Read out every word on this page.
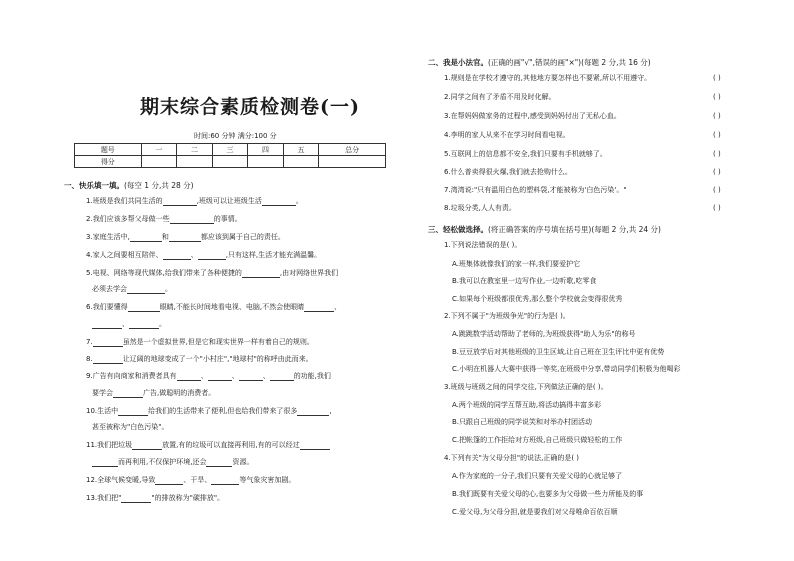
期末综合素质检测卷(一)
时间:60 分钟 满分:100 分
题号	一	二	三	四	五	总分
得分						
一、快乐填一填。(每空 1 分,共 28 分)
1.班级是我们共同生活的	,班级可以让班级生活	。
2.我们应该多帮父母做一些	的事情。
3.家庭生活中,	和	都应该到属于自己的责任。
4.家人之间要相互陪伴、	、	,只有这样,生活才能充满温馨。
5.电视、网络等现代媒体,给我们带来了各种便捷的	,由对网络世界我们
必须去学会	。
6.我们要懂得	眼睛,不能长时间地看电视、电脑,不然会使眼睛	、
、	。
7.	虽然是一个虚拟世界,但是它和现实世界一样有着自己的规则。
8.	让辽阔的地球变成了一个"小村庄","地球村"的称呼由此而来。
9.广告有向商家和消费者具有	、	、	、	的功能,我们
要学会	广告,做聪明的消费者。
10.生活中	给我们的生活带来了便利,但也给我们带来了很多	,
甚至被称为"白色污染"。
11.我们把垃圾	放置,有的垃圾可以直接再利用,有的可以经过
而再利用,不仅保护环境,还会	资源。
12.全球气候变暖,导致	、干旱、	等气象灾害加剧。
13.我们把"	"的排放称为"碳排放"。
二、我是小法官。(正确的画"√",错误的画"×")(每题 2 分,共 16 分)
1.规则是在学校才遵守的,其他地方要怎样也不要紧,所以不用遵守。	( )
2.同学之间有了矛盾不用及时化解。	( )
3.在帮妈妈做家务的过程中,感受到妈妈付出了无私心血。	( )
4.李明的家人从来不在学习时间看电视。	( )
5.互联网上的信息都不安全,我们只要有手机就够了。	( )
6.什么普卖得很火爆,我们就去抢购什么。	( )
7.湾湾说:"只有温用白色的塑料袋,才能被称为'白色污染'。"	( )
8.垃圾分类,人人有责。	( )
三、轻松做选择。(将正确答案的序号填在括号里)(每题 2 分,共 24 分)
1.下列说法错误的是( )。
A.班集体就像我们的家一样,我们要爱护它
B.我可以在教室里一边写作业,一边听歌,吃零食
C.如果每个班级都很优秀,那么整个学校就会变得很优秀
2.下列不属于"为班级争光"的行为是( )。
A.跳跳数学活动帮助了老师的,为班级获得"助人为乐"的称号
B.豆豆放学后对其他班级的卫生区域,让自己班在卫生评比中更有优势
C.小明在机器人大赛中获得一等奖,在班级中分享,带动同学们积极为他喝彩
3.班级与班级之间的同学交往,下列做法正确的是( )。
A.两个班级的同学互帮互助,将活动搞得丰富多彩
B.只跟自己班级的同学说笑和对举办村团活动
C.把帐篷的工作拒给对方班级,自己班级只做轻松的工作
4.下列有关"为父母分担"的说法,正确的是( )
A.作为家庭的一分子,我们只要有关爱父母的心就足够了
B.我们既要有关爱父母的心,也要多为父母做一些力所能及的事
C.爱父母,为父母分担,就是要我们对父母唯命百依百顺
